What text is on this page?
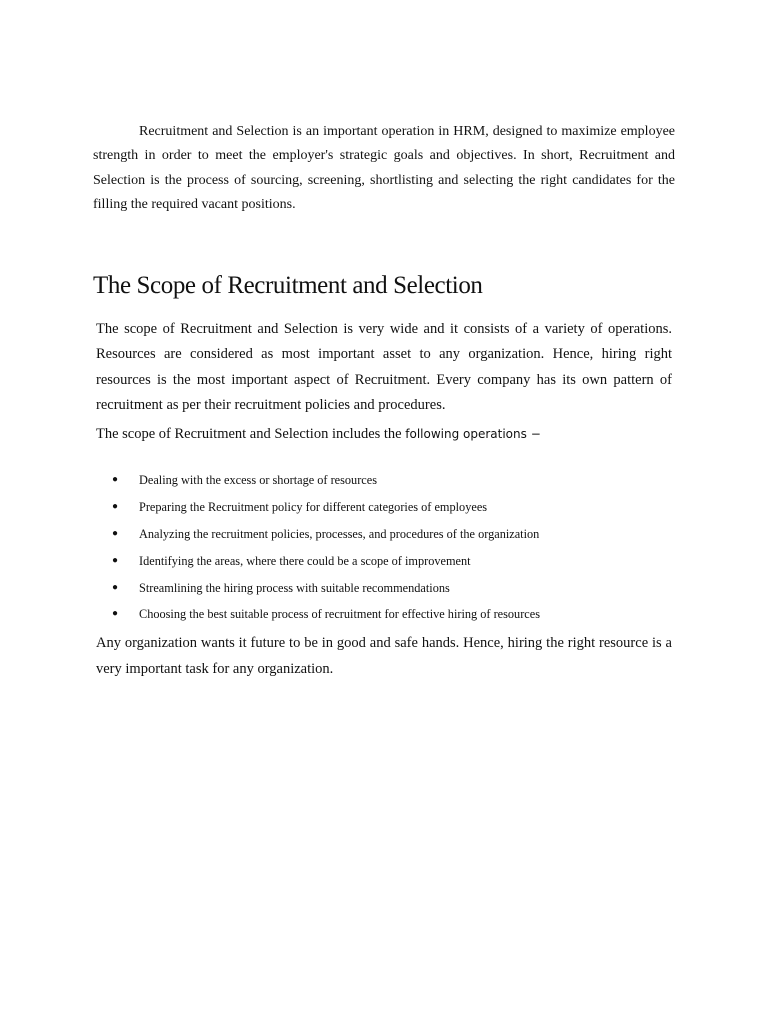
Recruitment and Selection is an important operation in HRM, designed to maximize employee strength in order to meet the employer's strategic goals and objectives. In short, Recruitment and Selection is the process of sourcing, screening, shortlisting and selecting the right candidates for the filling the required vacant positions.

The Scope of Recruitment and Selection

The scope of Recruitment and Selection is very wide and it consists of a variety of operations. Resources are considered as most important asset to any organization. Hence, hiring right resources is the most important aspect of Recruitment. Every company has its own pattern of recruitment as per their recruitment policies and procedures.

The scope of Recruitment and Selection includes the following operations −

●	Dealing with the excess or shortage of resources
●	Preparing the Recruitment policy for different categories of employees
●	Analyzing the recruitment policies, processes, and procedures of the organization
●	Identifying the areas, where there could be a scope of improvement
●	Streamlining the hiring process with suitable recommendations
●	Choosing the best suitable process of recruitment for effective hiring of resources

Any organization wants it future to be in good and safe hands. Hence, hiring the right resource is a very important task for any organization.
